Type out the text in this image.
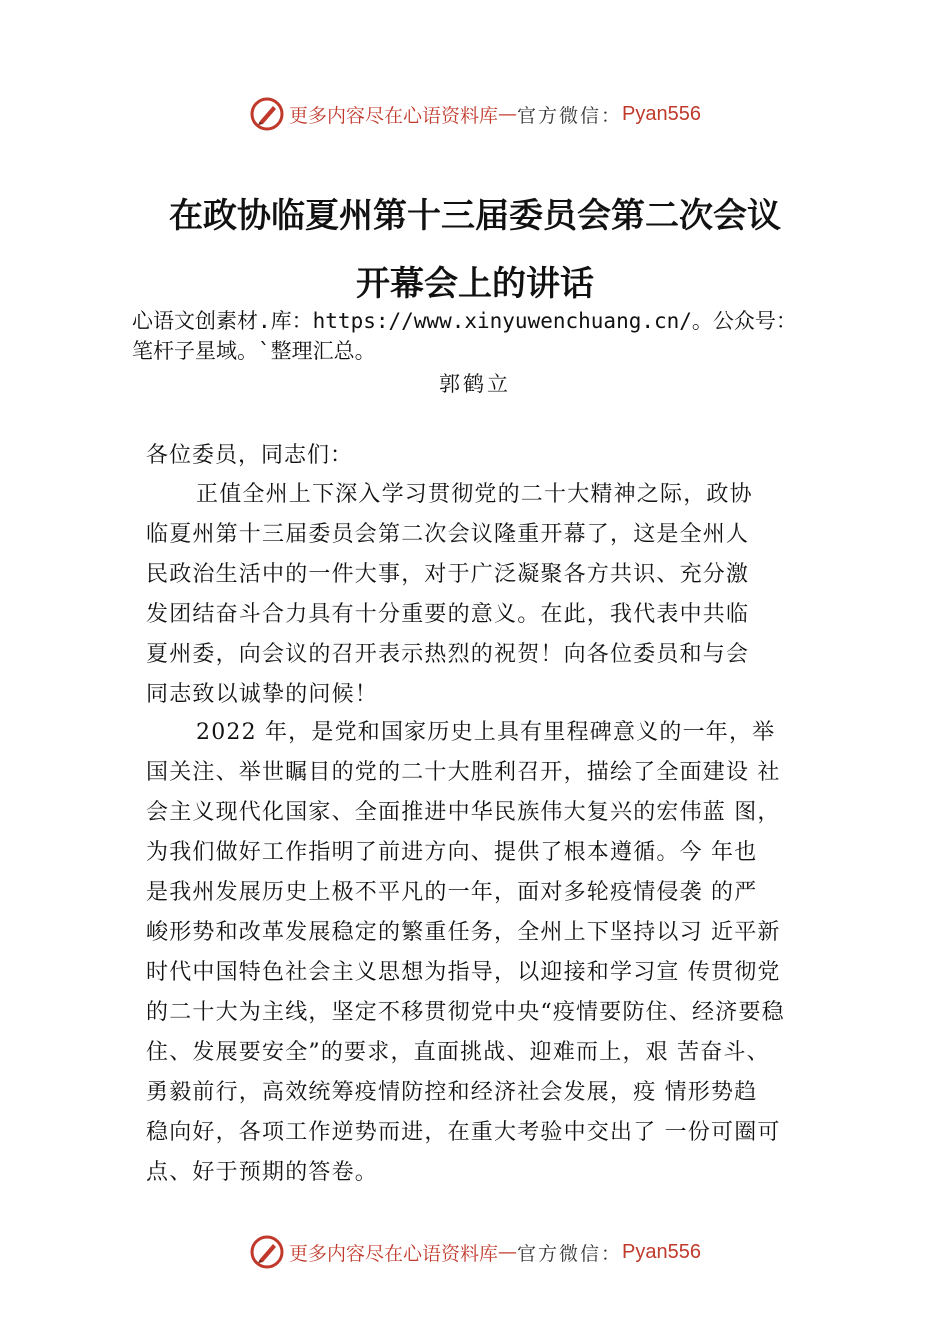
更多内容尽在心语资料库 — 官方微信： Pyan556
在政协临夏州第十三届委员会第二次会议
开幕会上的讲话
心语文创素材.库：https://www.xinyuwenchuang.cn/。公众号：
笔杆子星域。`整理汇总。
郭鹤立
各位委员，同志们：
正值全州上下深入学习贯彻党的二十大精神之际，政协
临夏州第十三届委员会第二次会议隆重开幕了，这是全州人
民政治生活中的一件大事，对于广泛凝聚各方共识、充分激
发团结奋斗合力具有十分重要的意义。在此，我代表中共临
夏州委，向会议的召开表示热烈的祝贺！向各位委员和与会
同志致以诚挚的问候！
2022 年，是党和国家历史上具有里程碑意义的一年，举
国关注、举世瞩目的党的二十大胜利召开，描绘了全面建设 社
会主义现代化国家、全面推进中华民族伟大复兴的宏伟蓝 图，
为我们做好工作指明了前进方向、提供了根本遵循。今 年也
是我州发展历史上极不平凡的一年，面对多轮疫情侵袭 的严
峻形势和改革发展稳定的繁重任务，全州上下坚持以习 近平新
时代中国特色社会主义思想为指导，以迎接和学习宣 传贯彻党
的二十大为主线，坚定不移贯彻党中央“疫情要防住、经济要稳
住、发展要安全”的要求，直面挑战、迎难而上，艰 苦奋斗、
勇毅前行，高效统筹疫情防控和经济社会发展，疫 情形势趋
稳向好，各项工作逆势而进，在重大考验中交出了 一份可圈可
点、好于预期的答卷。
更多内容尽在心语资料库 — 官方微信： Pyan556
